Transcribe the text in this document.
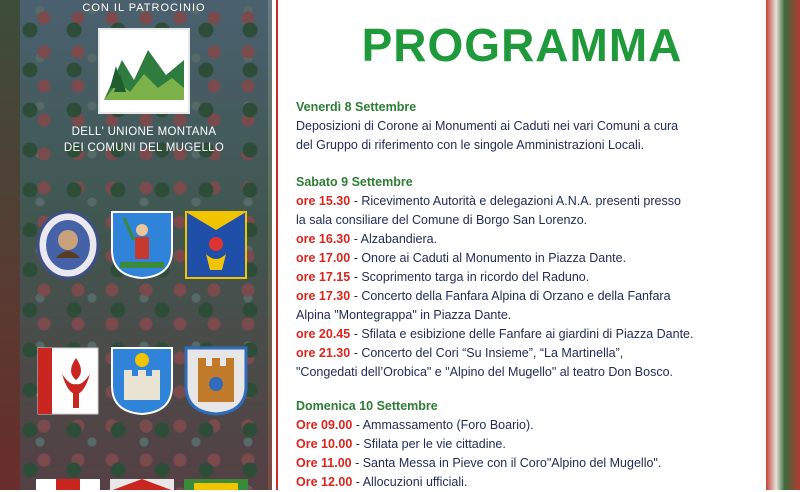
CON IL PATROCINIO
DELL' UNIONE MONTANA
DEI COMUNI DEL MUGELLO
PROGRAMMA
Venerdì 8 Settembre
Deposizioni di Corone ai Monumenti ai Caduti nei vari Comuni a cura
del Gruppo di riferimento con le singole Amministrazioni Locali.
Sabato 9 Settembre
ore 15.30 - Ricevimento Autorità e delegazioni A.N.A. presenti presso
la sala consiliare del Comune di Borgo San Lorenzo.
ore 16.30 - Alzabandiera.
ore 17.00 - Onore ai Caduti al Monumento in Piazza Dante.
ore 17.15 - Scoprimento targa in ricordo del Raduno.
ore 17.30 - Concerto della Fanfara Alpina di Orzano e della Fanfara
Alpina "Montegrappa" in Piazza Dante.
ore 20.45 - Sfilata e esibizione delle Fanfare ai giardini di Piazza Dante.
ore 21.30 - Concerto del Cori “Su Insieme”, “La Martinella”,
"Congedati dell’Orobica" e "Alpino del Mugello" al teatro Don Bosco.
Domenica 10 Settembre
Ore 09.00 - Ammassamento (Foro Boario).
Ore 10.00 - Sfilata per le vie cittadine.
Ore 11.00 - Santa Messa in Pieve con il Coro"Alpino del Mugello".
Ore 12.00 - Allocuzioni ufficiali.
